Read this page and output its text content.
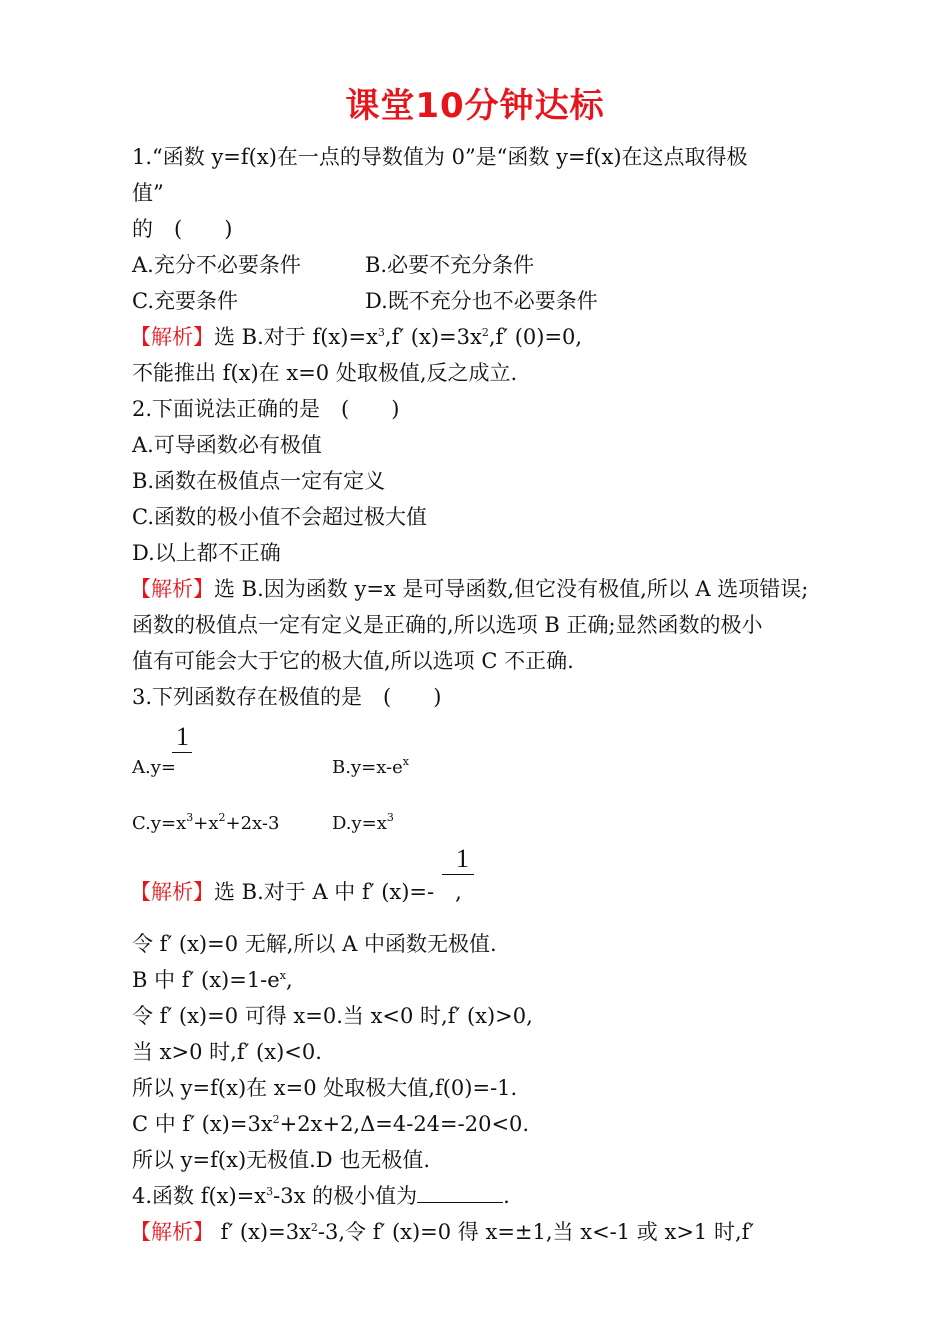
课堂10分钟达标
1.“函数 y=f(x)在一点的导数值为 0”是“函数 y=f(x)在这点取得极
值”
的　(　　)
A.充分不必要条件	B.必要不充分条件
C.充要条件	D.既不充分也不必要条件
【解析】选 B.对于 $f(x)=x^3,f'$ $(x)=3x^2,f'$ (0)=0,
不能推出 f(x)在 x=0 处取极值,反之成立.
2.下面说法正确的是　(　　)
A.可导函数必有极值
B.函数在极值点一定有定义
C.函数的极小值不会超过极大值
D.以上都不正确
【解析】选 B.因为函数 y=x 是可导函数,但它没有极值,所以 A 选项错误;
函数的极值点一定有定义是正确的,所以选项 B 正确;显然函数的极小
值有可能会大于它的极大值,所以选项 C 不正确.
3.下列函数存在极值的是　(　　)
1
A.y=	$B.y=x-e^x$
$C.y=x^3+x^2+2x-3$	$D.y=x^3$
1
【解析】选 B.对于 A 中 f′ (x)=-　,
令 f′ (x)=0 无解,所以 A 中函数无极值.
B 中 f′ $(x)=1-e^x$,
令 f′ (x)=0 可得 x=0.当 x<0 时,f′ (x)>0,
当 x>0 时,f′ (x)<0.
所以 y=f(x)在 x=0 处取极大值,f(0)=-1.
C 中 f′ $(x)=3x^2+2x+2,\Delta=4-24=-20<0$.
所以 y=f(x)无极值.D 也无极值.
4.函数 $f(x)=x^3-3x$ 的极小值为	.
【解析】 f′ $(x)=3x^2-3$,令 f′ (x)=0 得 x=±1,当 x<-1 或 x>1 时,f′
